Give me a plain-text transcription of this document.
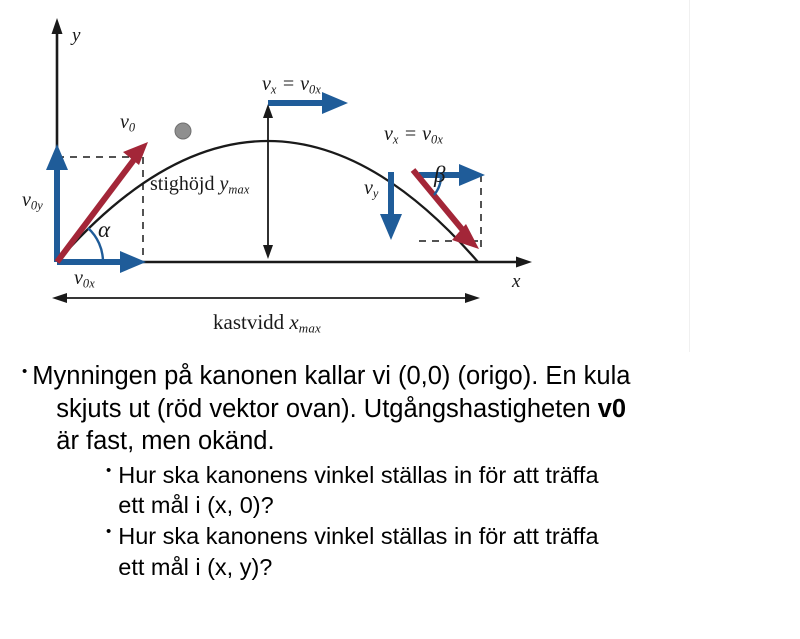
y
x
$v_0$
$v_{0y}$
$v_{0x}$
α
β
$v_y$
$v_x = v_{0x}$
$v_x = v_{0x}$
stighöjd $y_{max}$
kastvidd $x_{max}$
• Mynningen på kanonen kallar vi (0,0) (origo). En kula
skjuts ut (röd vektor ovan). Utgångshastigheten v0
är fast, men okänd.
• Hur ska kanonens vinkel ställas in för att träffa
ett mål i (x, 0)?
• Hur ska kanonens vinkel ställas in för att träffa
ett mål i (x, y)?
